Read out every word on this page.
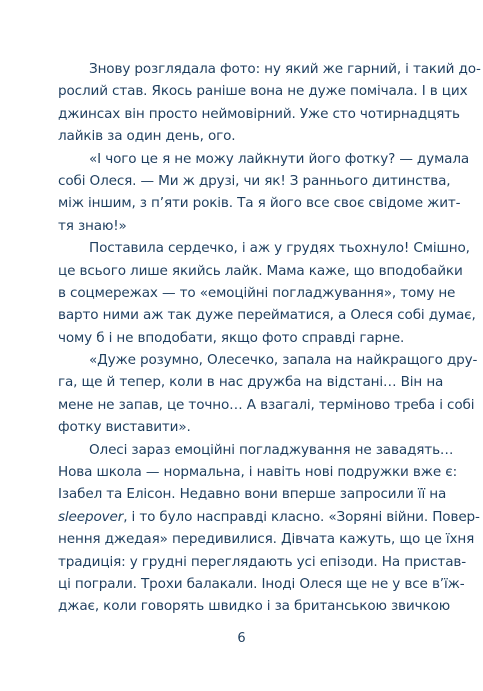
Знову розглядала фото: ну який же гарний, і такий до-
рослий став. Якось раніше вона не дуже помічала. І в цих
джинсах він просто неймовірний. Уже сто чотирнадцять
лайків за один день, ого.
«І чого це я не можу лайкнути його фотку? — думала
собі Олеся. — Ми ж друзі, чи як! З раннього дитинства,
між іншим, з п’яти років. Та я його все своє свідоме жит-
тя знаю!»
Поставила сердечко, і аж у грудях тьохнуло! Смішно,
це всього лише якийсь лайк. Мама каже, що вподобайки
в соцмережах — то «емоційні погладжування», тому не
варто ними аж так дуже перейматися, а Олеся собі думає,
чому б і не вподобати, якщо фото справді гарне.
«Дуже розумно, Олесечко, запала на найкращого дру-
га, ще й тепер, коли в нас дружба на відстані… Він на
мене не запав, це точно… А взагалі, терміново треба і собі
фотку виставити».
Олесі зараз емоційні погладжування не завадять…
Нова школа — нормальна, і навіть нові подружки вже є:
Ізабел та Елісон. Недавно вони вперше запросили її на
sleepover, і то було насправді класно. «Зоряні війни. Повер-
нення джедая» передивилися. Дівчата кажуть, що це їхня
традиція: у грудні переглядають усі епізоди. На пристав-
ці пограли. Трохи балакали. Іноді Олеся ще не у все в’їж-
джає, коли говорять швидко і за британською звичкою
6
